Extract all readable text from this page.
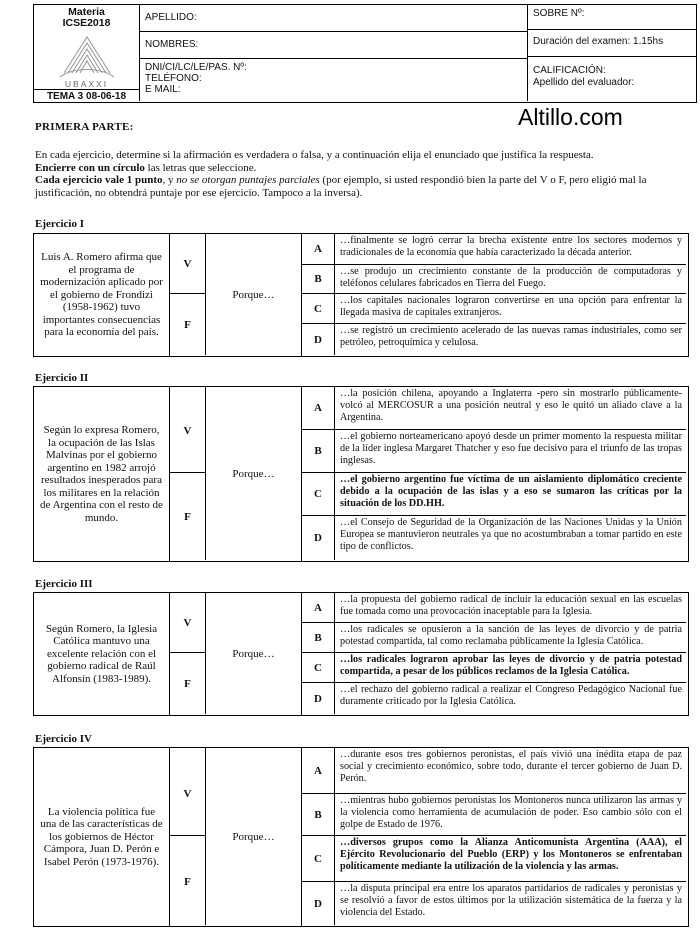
Materia
ICSE2018
UBAXXI
TEMA 3 08-06-18
APELLIDO:
NOMBRES:
DNI/CI/LC/LE/PAS. Nº:
TELÉFONO:
E MAIL:
SOBRE Nº:
Duración del examen: 1.15hs
CALIFICACIÓN:
Apellido del evaluador:
Altillo.com
PRIMERA PARTE:
En cada ejercicio, determine si la afirmación es verdadera o falsa, y a continuación elija el enunciado que justifica la respuesta.
Encierre con un círculo las letras que seleccione.
Cada ejercicio vale 1 punto, y no se otorgan puntajes parciales (por ejemplo, si usted respondió bien la parte del V o F, pero eligió mal la justificación, no obtendrá puntaje por ese ejercicio. Tampoco a la inversa).
Ejercicio I
Luis A. Romero afirma que el programa de modernización aplicado por el gobierno de Frondizi (1958-1962) tuvo importantes consecuencias para la economía del país.
V
F
Porque…
A
…finalmente se logró cerrar la brecha existente entre los sectores modernos y tradicionales de la economía que había caracterizado la década anterior.
B
…se produjo un crecimiento constante de la producción de computadoras y teléfonos celulares fabricados en Tierra del Fuego.
C
…los capitales nacionales lograron convertirse en una opción para enfrentar la llegada masiva de capitales extranjeros.
D
…se registró un crecimiento acelerado de las nuevas ramas industriales, como ser petróleo, petroquímica y celulosa.
Ejercicio II
Según lo expresa Romero, la ocupación de las Islas Malvinas por el gobierno argentino en 1982 arrojó resultados inesperados para los militares en la relación de Argentina con el resto de mundo.
V
F
Porque…
A
…la posición chilena, apoyando a Inglaterra -pero sin mostrarlo públicamente- volcó al MERCOSUR a una posición neutral y eso le quitó un aliado clave a la Argentina.
B
…el gobierno norteamericano apoyó desde un primer momento la respuesta militar de la líder inglesa Margaret Thatcher y eso fue decisivo para el triunfo de las tropas inglesas.
C
…el gobierno argentino fue víctima de un aislamiento diplomático creciente debido a la ocupación de las islas y a eso se sumaron las críticas por la situación de los DD.HH.
D
…el Consejo de Seguridad de la Organización de las Naciones Unidas y la Unión Europea se mantuvieron neutrales ya que no acostumbraban a tomar partido en este tipo de conflictos.
Ejercicio III
Según Romero, la Iglesia Católica mantuvo una excelente relación con el gobierno radical de Raúl Alfonsín (1983-1989).
V
F
Porque…
A
…la propuesta del gobierno radical de incluir la educación sexual en las escuelas fue tomada como una provocación inaceptable para la Iglesia.
B
…los radicales se opusieron a la sanción de las leyes de divorcio y de patria potestad compartida, tal como reclamaba públicamente la Iglesia Católica.
C
…los radicales lograron aprobar las leyes de divorcio y de patria potestad compartida, a pesar de los públicos reclamos de la Iglesia Católica.
D
…el rechazo del gobierno radical a realizar el Congreso Pedagógico Nacional fue duramente criticado por la Iglesia Católica.
Ejercicio IV
La violencia política fue una de las características de los gobiernos de Héctor Cámpora, Juan D. Perón e Isabel Perón (1973-1976).
V
F
Porque…
A
…durante esos tres gobiernos peronistas, el país vivió una inédita etapa de paz social y crecimiento económico, sobre todo, durante el tercer gobierno de Juan D. Perón.
B
…mientras hubo gobiernos peronistas los Montoneros nunca utilizaron las armas y la violencia como herramienta de acumulación de poder. Eso cambio sólo con el golpe de Estado de 1976.
C
…diversos grupos como la Alianza Anticomunista Argentina (AAA), el Ejército Revolucionario del Pueblo (ERP) y los Montoneros se enfrentaban políticamente mediante la utilización de la violencia y las armas.
D
…la disputa principal era entre los aparatos partidarios de radicales y peronistas y se resolvió a favor de estos últimos por la utilización sistemática de la fuerza y la violencia del Estado.
